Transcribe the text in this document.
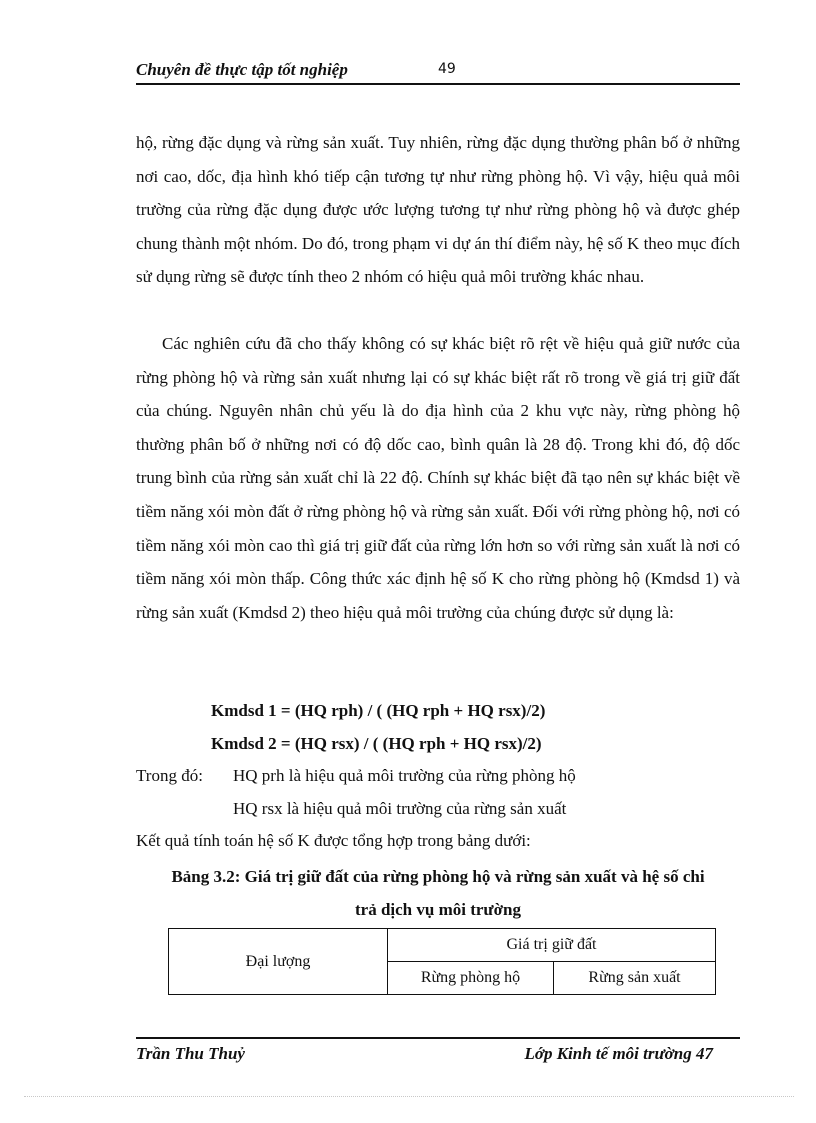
Chuyên đề thực tập tốt nghiệp	49

hộ, rừng đặc dụng và rừng sản xuất. Tuy nhiên, rừng đặc dụng thường phân bố ở những nơi cao, dốc, địa hình khó tiếp cận tương tự như rừng phòng hộ. Vì vậy, hiệu quả môi trường của rừng đặc dụng được ước lượng tương tự như rừng phòng hộ và được ghép chung thành một nhóm. Do đó, trong phạm vi dự án thí điểm này, hệ số K theo mục đích sử dụng rừng sẽ được tính theo 2 nhóm có hiệu quả môi trường khác nhau.

Các nghiên cứu đã cho thấy không có sự khác biệt rõ rệt về hiệu quả giữ nước của rừng phòng hộ và rừng sản xuất nhưng lại có sự khác biệt rất rõ trong về giá trị giữ đất của chúng. Nguyên nhân chủ yếu là do địa hình của 2 khu vực này, rừng phòng hộ thường phân bố ở những nơi có độ dốc cao, bình quân là 28 độ. Trong khi đó, độ dốc trung bình của rừng sản xuất chỉ là 22 độ. Chính sự khác biệt đã tạo nên sự khác biệt về tiềm năng xói mòn đất ở rừng phòng hộ và rừng sản xuất. Đối với rừng phòng hộ, nơi có tiềm năng xói mòn cao thì giá trị giữ đất của rừng lớn hơn so với rừng sản xuất là nơi có tiềm năng xói mòn thấp. Công thức xác định hệ số K cho rừng phòng hộ (Kmdsd 1) và rừng sản xuất (Kmdsd 2) theo hiệu quả môi trường của chúng được sử dụng là:

Kmdsd 1 = (HQ rph) / ( (HQ rph + HQ rsx)/2)
Kmdsd 2 = (HQ rsx) / ( (HQ rph + HQ rsx)/2)
Trong đó: HQ prh là hiệu quả môi trường của rừng phòng hộ
HQ rsx là hiệu quả môi trường của rừng sản xuất
Kết quả tính toán hệ số K được tổng hợp trong bảng dưới:

Bảng 3.2: Giá trị giữ đất của rừng phòng hộ và rừng sản xuất và hệ số chi

trả dịch vụ môi trường

Đại lượng	Giá trị giữ đất	
	Rừng phòng hộ	Rừng sản xuất
Trần Thu Thuỷ	Lớp Kinh tế môi trường 47
